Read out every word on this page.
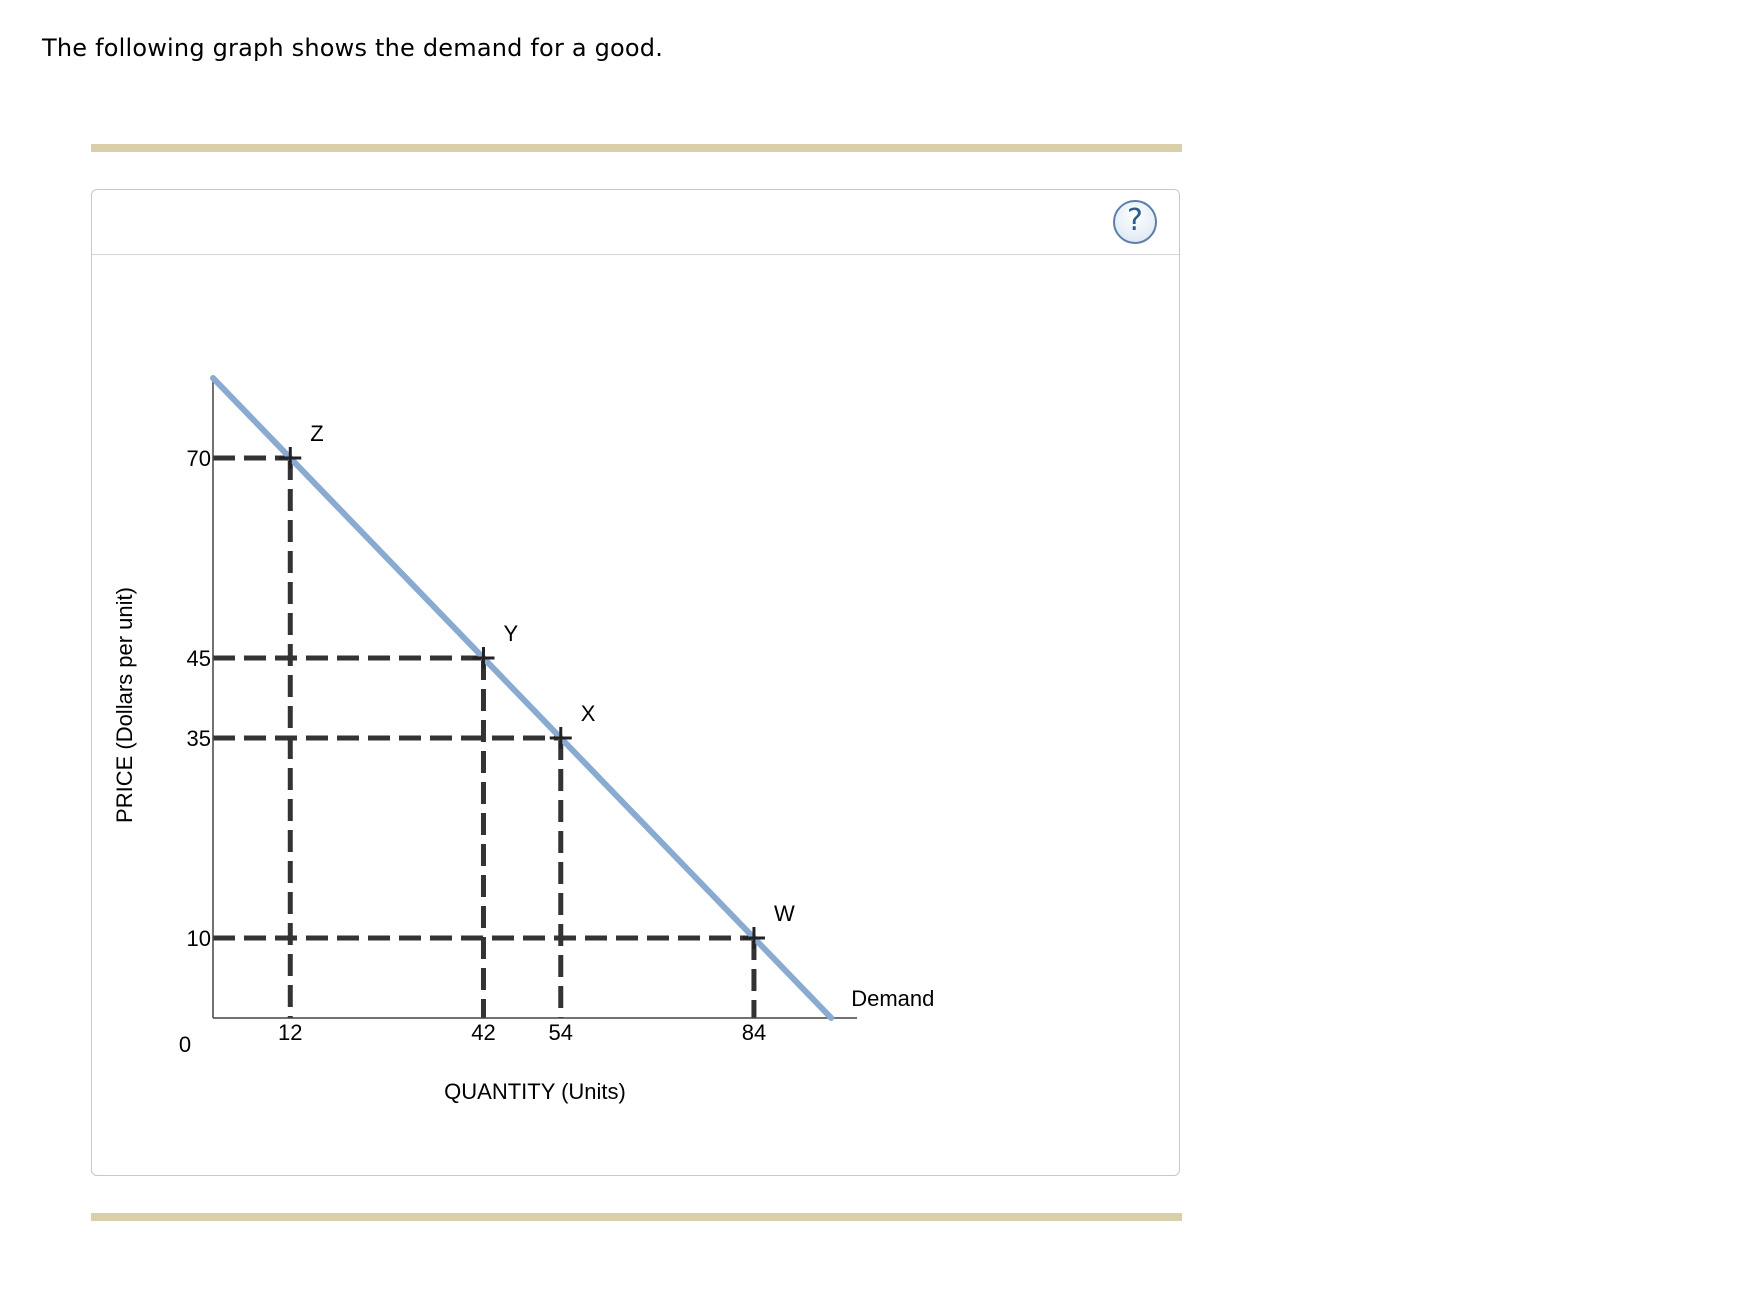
The following graph shows the demand for a good.
?
Demand
Z
Y
X
W
12	42 54	84
10
35
45
70
0
QUANTITY (Units)
PRICE (Dollars per unit)
